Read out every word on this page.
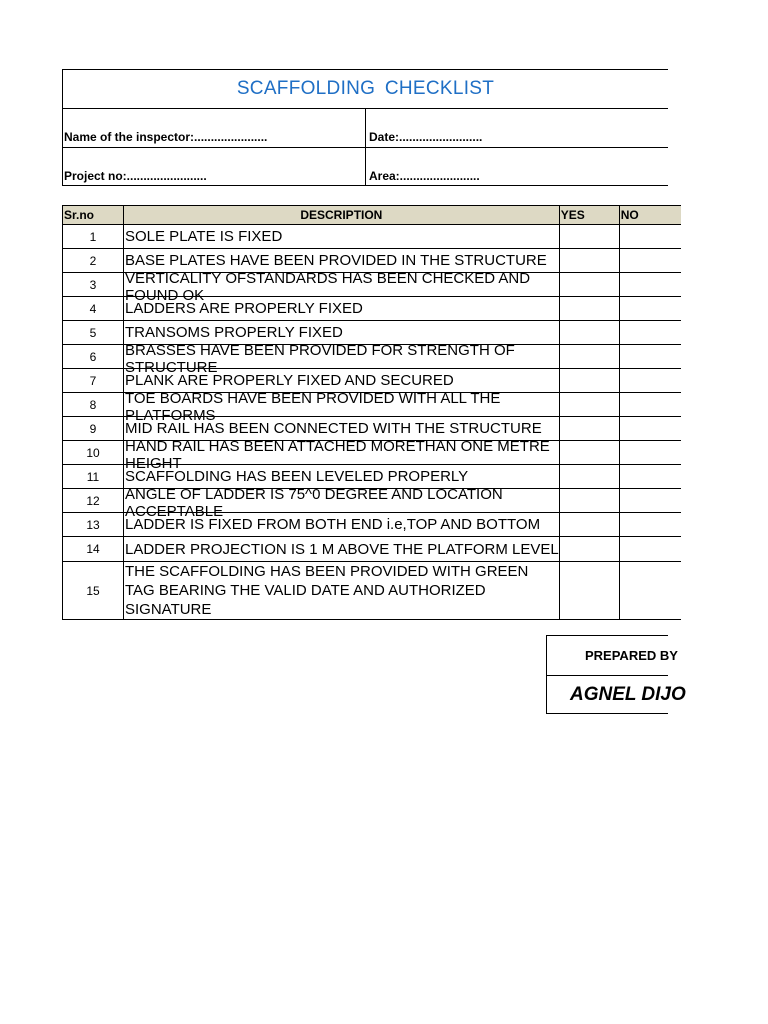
SCAFFOLDING CHECKLIST
Name of the inspector:......................	Date:.........................
Project no:........................	Area:........................
Sr.no	DESCRIPTION	YES	NO
1	SOLE PLATE IS FIXED		
2	BASE PLATES HAVE BEEN PROVIDED IN THE STRUCTURE		
3	VERTICALITY OFSTANDARDS HAS BEEN CHECKED AND FOUND OK		

4	LADDERS ARE PROPERLY FIXED		
5	TRANSOMS PROPERLY FIXED		
6	BRASSES HAVE BEEN PROVIDED FOR STRENGTH OF STRUCTURE		

7	PLANK ARE PROPERLY FIXED AND SECURED		
8	TOE BOARDS HAVE BEEN PROVIDED WITH ALL THE PLATFORMS		

9	MID RAIL HAS BEEN CONNECTED WITH THE STRUCTURE		
10	HAND RAIL HAS BEEN ATTACHED MORETHAN ONE METRE HEIGHT		

11	SCAFFOLDING HAS BEEN LEVELED PROPERLY		
12	ANGLE OF LADDER IS 75^0 DEGREE AND LOCATION ACCEPTABLE		

13	LADDER IS FIXED FROM BOTH END i.e,TOP AND BOTTOM		
14	LADDER PROJECTION IS 1 M ABOVE THE PLATFORM LEVEL		
15	THE SCAFFOLDING HAS BEEN PROVIDED WITH GREEN TAG BEARING THE VALID DATE AND AUTHORIZED SIGNATURE		
PREPARED BY
AGNEL DIJO
